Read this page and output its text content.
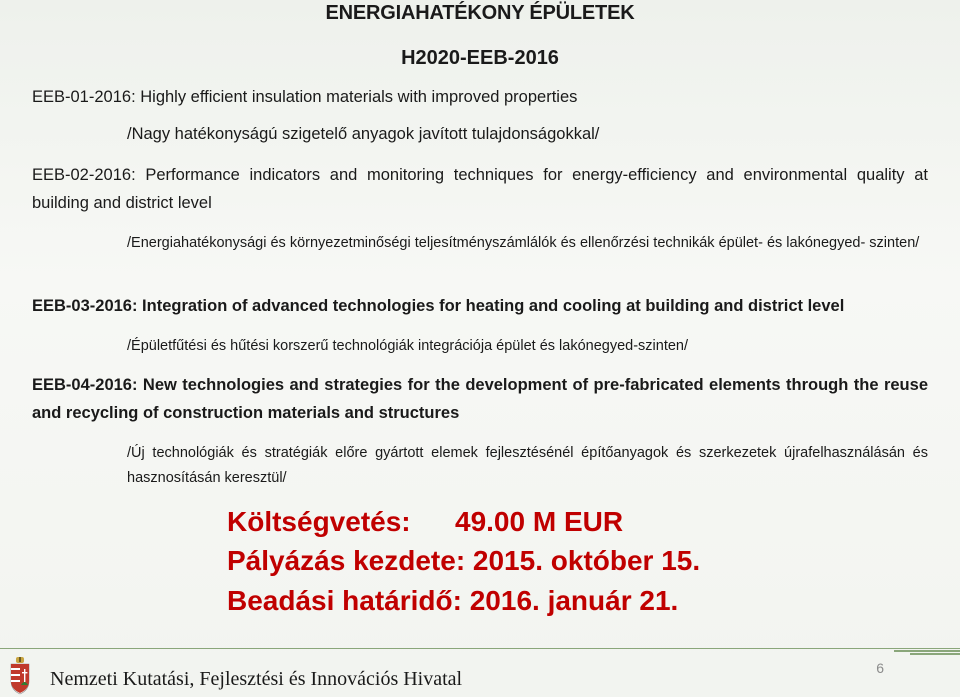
ENERGIAHATÉKONY ÉPÜLETEK
H2020-EEB-2016
EEB-01-2016: Highly efficient insulation materials with improved properties
/Nagy hatékonyságú szigetelő anyagok javított tulajdonságokkal/
EEB-02-2016: Performance indicators and monitoring techniques for energy-efficiency and environmental quality at building and district level
/Energiahatékonysági és környezetminőségi teljesítményszámlálók és ellenőrzési technikák épület- és lakónegyed- szinten/
EEB-03-2016: Integration of advanced technologies for heating and cooling at building and district level
/Épületfűtési és hűtési korszerű technológiák integrációja épület és lakónegyed-szinten/
EEB-04-2016: New technologies and strategies for the development of pre-fabricated elements through the reuse and recycling of construction materials and structures
/Új technológiák és stratégiák előre gyártott elemek fejlesztésénél építőanyagok és szerkezetek újrafelhasználásán és hasznosításán keresztül/
Költségvetés: 49.00 M EUR
Pályázás kezdete: 2015. október 15.
Beadási határidő: 2016. január 21.
Nemzeti Kutatási, Fejlesztési és Innovációs Hivatal	6
